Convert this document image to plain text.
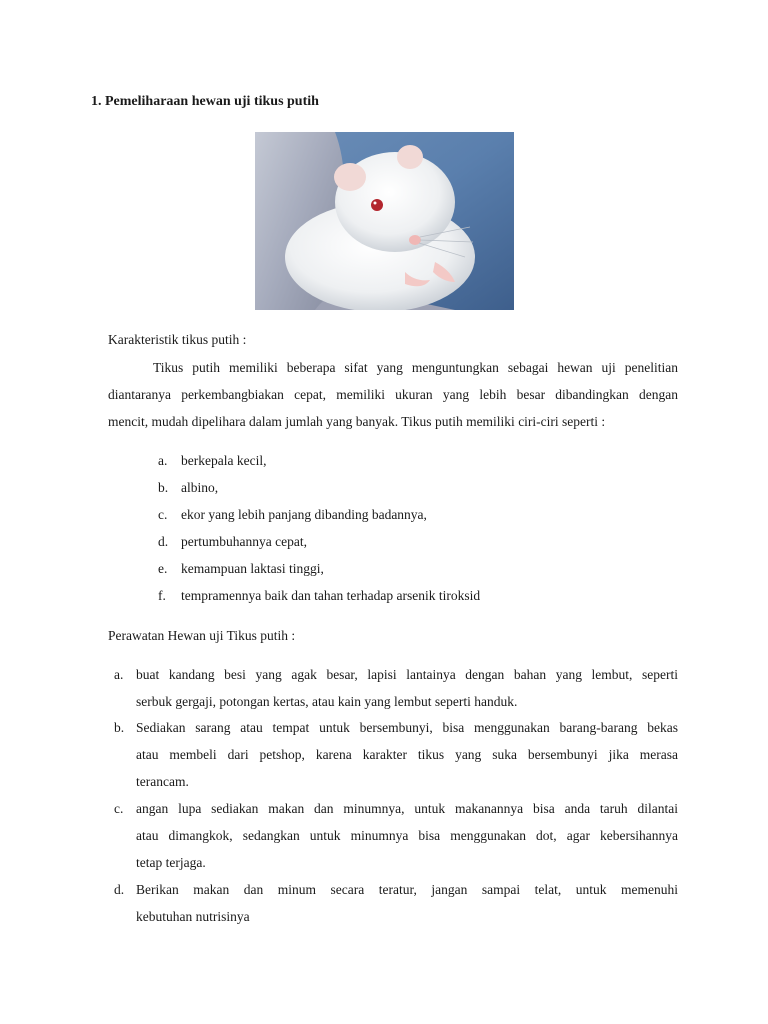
1. Pemeliharaan hewan uji tikus putih
Karakteristik tikus putih :
Tikus putih memiliki beberapa sifat yang menguntungkan sebagai hewan uji penelitian
diantaranya perkembangbiakan cepat, memiliki ukuran yang lebih besar dibandingkan dengan
mencit, mudah dipelihara dalam jumlah yang banyak. Tikus putih memiliki ciri-ciri seperti :
a. berkepala kecil,
b. albino,
c. ekor yang lebih panjang dibanding badannya,
d. pertumbuhannya cepat,
e. kemampuan laktasi tinggi,
f. tempramennya baik dan tahan terhadap arsenik tiroksid
Perawatan Hewan uji Tikus putih :
a. buat kandang besi yang agak besar, lapisi lantainya dengan bahan yang lembut, seperti
serbuk gergaji, potongan kertas, atau kain yang lembut seperti handuk.
b. Sediakan sarang atau tempat untuk bersembunyi, bisa menggunakan barang-barang bekas
atau membeli dari petshop, karena karakter tikus yang suka bersembunyi jika merasa
terancam.
c. angan lupa sediakan makan dan minumnya, untuk makanannya bisa anda taruh dilantai
atau dimangkok, sedangkan untuk minumnya bisa menggunakan dot, agar kebersihannya
tetap terjaga.
d. Berikan makan dan minum secara teratur, jangan sampai telat, untuk memenuhi
kebutuhan nutrisinya
